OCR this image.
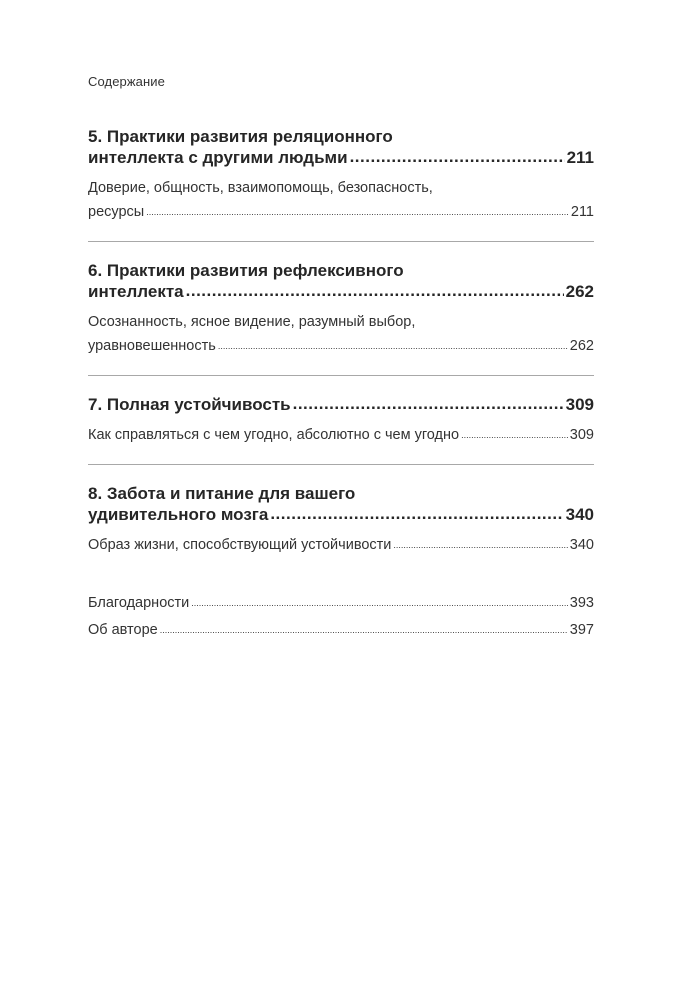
Содержание
5. Практики развития реляционного
интеллекта с другими людьми .....	211
Доверие, общность, взаимопомощь, безопасность,
ресурсы .....	211
6. Практики развития рефлексивного
интеллекта .....	262
Осознанность, ясное видение, разумный выбор,
уравновешенность .....	262
7. Полная устойчивость .....	309
Как справляться с чем угодно, абсолютно с чем угодно .....	309
8. Забота и питание для вашего
удивительного мозга .....	340
Образ жизни, способствующий устойчивости .....	340
Благодарности .....	393
Об авторе .....	397
